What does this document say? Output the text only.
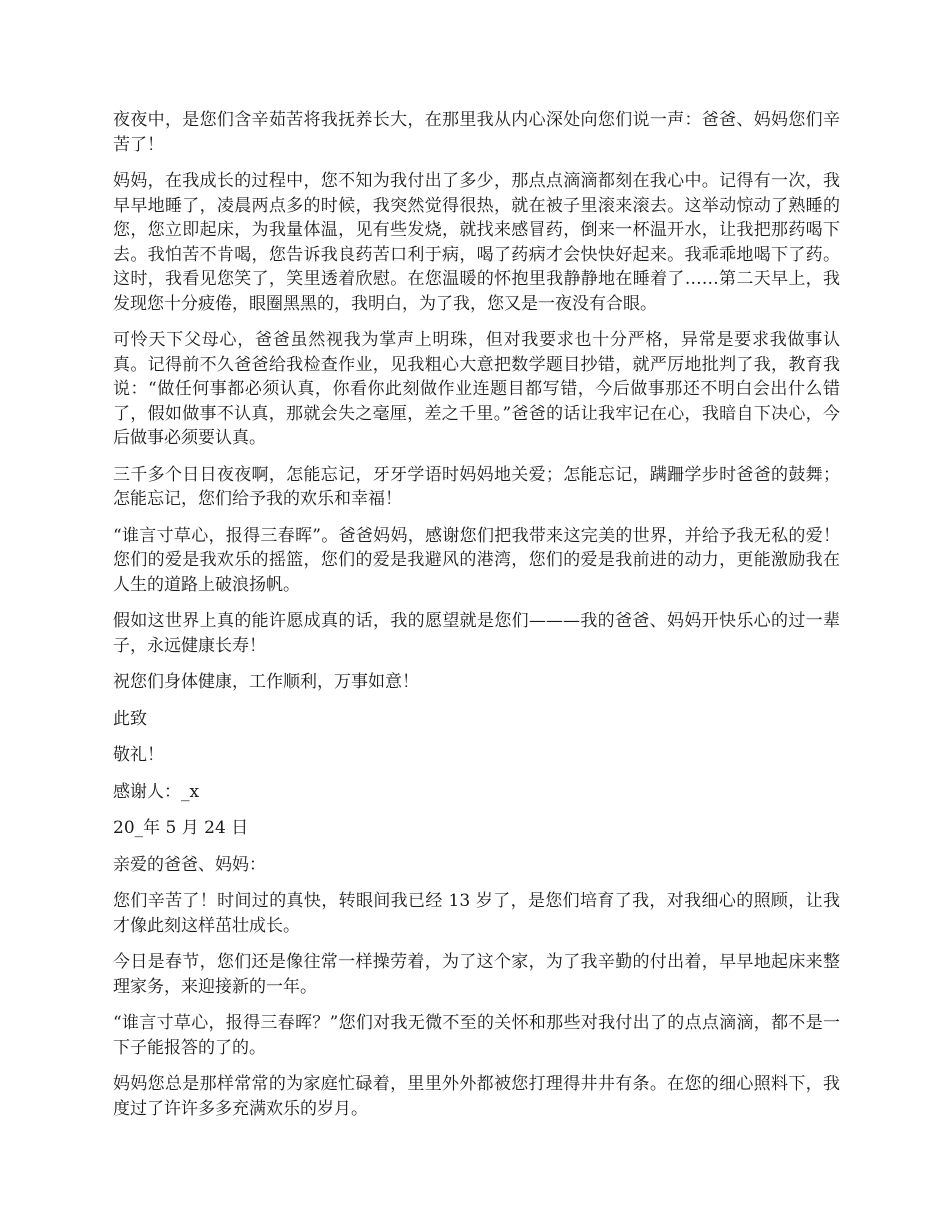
夜夜中，是您们含辛茹苦将我抚养长大，在那里我从内心深处向您们说一声：爸爸、妈妈您们辛苦了！

妈妈，在我成长的过程中，您不知为我付出了多少，那点点滴滴都刻在我心中。记得有一次，我早早地睡了，凌晨两点多的时候，我突然觉得很热，就在被子里滚来滚去。这举动惊动了熟睡的您，您立即起床，为我量体温，见有些发烧，就找来感冒药，倒来一杯温开水，让我把那药喝下去。我怕苦不肯喝，您告诉我良药苦口利于病，喝了药病才会快快好起来。我乖乖地喝下了药。这时，我看见您笑了，笑里透着欣慰。在您温暖的怀抱里我静静地在睡着了……第二天早上，我发现您十分疲倦，眼圈黑黑的，我明白，为了我，您又是一夜没有合眼。

可怜天下父母心，爸爸虽然视我为掌声上明珠，但对我要求也十分严格，异常是要求我做事认真。记得前不久爸爸给我检查作业，见我粗心大意把数学题目抄错，就严厉地批判了我，教育我说：“做任何事都必须认真，你看你此刻做作业连题目都写错，今后做事那还不明白会出什么错了，假如做事不认真，那就会失之毫厘，差之千里。”爸爸的话让我牢记在心，我暗自下决心，今后做事必须要认真。

三千多个日日夜夜啊，怎能忘记，牙牙学语时妈妈地关爱；怎能忘记，蹒跚学步时爸爸的鼓舞；怎能忘记，您们给予我的欢乐和幸福！

“谁言寸草心，报得三春晖”。爸爸妈妈，感谢您们把我带来这完美的世界，并给予我无私的爱！您们的爱是我欢乐的摇篮，您们的爱是我避风的港湾，您们的爱是我前进的动力，更能激励我在人生的道路上破浪扬帆。

假如这世界上真的能许愿成真的话，我的愿望就是您们———我的爸爸、妈妈开快乐心的过一辈子，永远健康长寿！

祝您们身体健康，工作顺利，万事如意！

此致

敬礼！

感谢人：_x

20_年 5 月 24 日

亲爱的爸爸、妈妈：

您们辛苦了！时间过的真快，转眼间我已经 13 岁了，是您们培育了我，对我细心的照顾，让我才像此刻这样茁壮成长。

今日是春节，您们还是像往常一样操劳着，为了这个家，为了我辛勤的付出着，早早地起床来整理家务，来迎接新的一年。

“谁言寸草心，报得三春晖？”您们对我无微不至的关怀和那些对我付出了的点点滴滴，都不是一下子能报答的了的。

妈妈您总是那样常常的为家庭忙碌着，里里外外都被您打理得井井有条。在您的细心照料下，我度过了许许多多充满欢乐的岁月。
